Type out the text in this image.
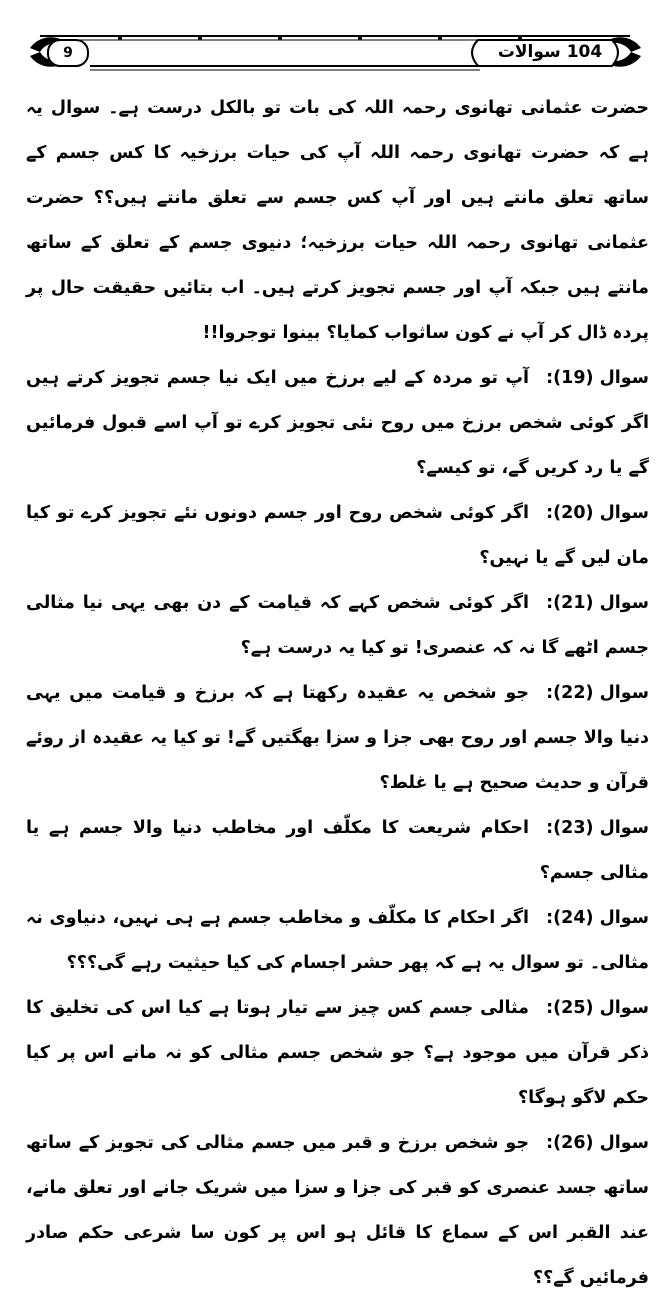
9	104 سوالات

حضرت عثمانی تھانوی رحمہ اللہ کی بات تو بالکل درست ہے۔ سوال یہ ہے کہ حضرت تھانوی رحمہ اللہ آپ کی حیات برزخیہ کا کس جسم کے ساتھ تعلق مانتے ہیں اور آپ کس جسم سے تعلق مانتے ہیں؟؟ حضرت عثمانی تھانوی رحمہ اللہ حیات برزخیہ؛ دنیوی جسم کے تعلق کے ساتھ مانتے ہیں جبکہ آپ اور جسم تجویز کرتے ہیں۔ اب بتائیں حقیقت حال پر پردہ ڈال کر آپ نے کون ساثواب کمایا؟ بینوا توجروا!!

سوال (19):آپ تو مردہ کے لیے برزخ میں ایک نیا جسم تجویز کرتے ہیں اگر کوئی شخص برزخ میں روح نئی تجویز کرے تو آپ اسے قبول فرمائیں گے یا رد کریں گے، تو کیسے؟

سوال (20):اگر کوئی شخص روح اور جسم دونوں نئے تجویز کرے تو کیا مان لیں گے یا نہیں؟

سوال (21):اگر کوئی شخص کہے کہ قیامت کے دن بھی یہی نیا مثالی جسم اٹھے گا نہ کہ عنصری! تو کیا یہ درست ہے؟

سوال (22):جو شخص یہ عقیدہ رکھتا ہے کہ برزخ و قیامت میں یہی دنیا والا جسم اور روح بھی جزا و سزا بھگتیں گے! تو کیا یہ عقیدہ از روئے قرآن و حدیث صحیح ہے یا غلط؟

سوال (23):احکام شریعت کا مکلّف اور مخاطب دنیا والا جسم ہے یا مثالی جسم؟

سوال (24):اگر احکام کا مکلّف و مخاطب جسم ہے ہی نہیں، دنیاوی نہ مثالی۔ تو سوال یہ ہے کہ پھر حشر اجسام کی کیا حیثیت رہے گی؟؟؟

سوال (25):مثالی جسم کس چیز سے تیار ہوتا ہے کیا اس کی تخلیق کا ذکر قرآن میں موجود ہے؟ جو شخص جسم مثالی کو نہ مانے اس پر کیا حکم لاگو ہوگا؟

سوال (26):جو شخص برزخ و قبر میں جسم مثالی کی تجویز کے ساتھ ساتھ جسد عنصری کو قبر کی جزا و سزا میں شریک جانے اور تعلق مانے، عند القبر اس کے سماع کا قائل ہو اس پر کون سا شرعی حکم صادر فرمائیں گے؟؟
